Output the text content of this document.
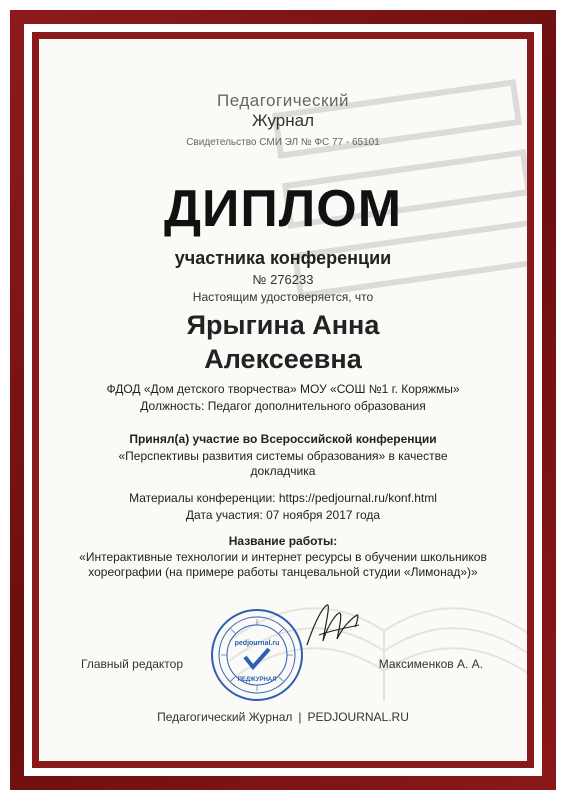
Педагогический
Журнал
Свидетельство СМИ ЭЛ № ФС 77 - 65101
ДИПЛОМ
участника конференции
№ 276233
Настоящим удостоверяется, что
Ярыгина Анна
Алексеевна
ФДОД «Дом детского творчества» МОУ «СОШ №1 г. Коряжмы»
Должность: Педагог дополнительного образования
Принял(а) участие во Всероссийской конференции
«Перспективы развития системы образования» в качестве докладчика
Материалы конференции: https://pedjournal.ru/konf.html
Дата участия: 07 ноября 2017 года
Название работы:
«Интерактивные технологии и интернет ресурсы в обучении школьников хореографии (на примере работы танцевальной студии «Лимонад»)»
pedjournal.ru
ПЕДЖУРНАЛ
Главный редактор	Максименков А. А.
Педагогический Журнал | PEDJOURNAL.RU
